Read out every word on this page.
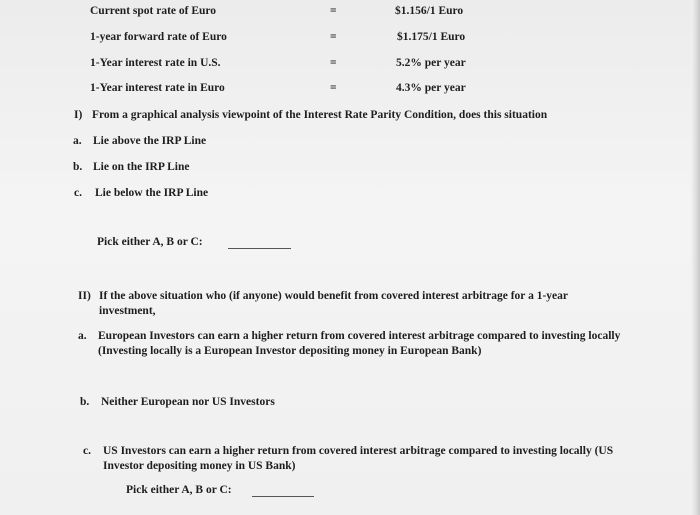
Current spot rate of Euro	=	$1.156/1 Euro
1-year forward rate of Euro	=	$1.175/1 Euro
1-Year interest rate in U.S.	=	5.2% per year
1-Year interest rate in Euro	=	4.3% per year
I) From a graphical analysis viewpoint of the Interest Rate Parity Condition, does this situation
a. Lie above the IRP Line
b. Lie on the IRP Line
c. Lie below the IRP Line
Pick either A, B or C:
II) If the above situation who (if anyone) would benefit from covered interest arbitrage for a 1-year investment,
a. European Investors can earn a higher return from covered interest arbitrage compared to investing locally (Investing locally is a European Investor depositing money in European Bank)
b. Neither European nor US Investors
c. US Investors can earn a higher return from covered interest arbitrage compared to investing locally (US Investor depositing money in US Bank)
Pick either A, B or C:
